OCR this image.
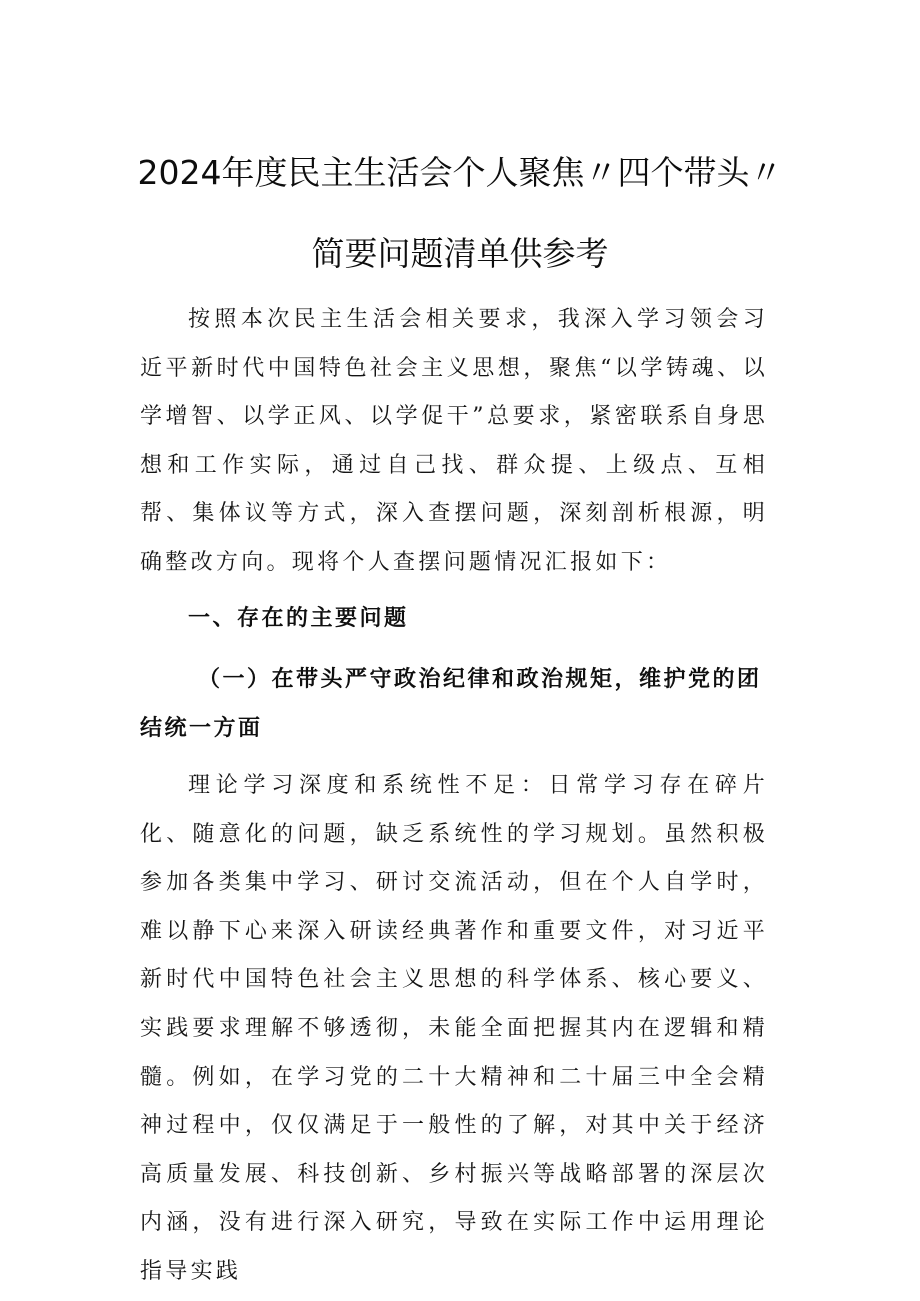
2024年度民主生活会个人聚焦〃四个带头〃
简要问题清单供参考

按照本次民主生活会相关要求，我深入学习领会习近平新时代中国特色社会主义思想，聚焦“以学铸魂、以学增智、以学正风、以学促干”总要求，紧密联系自身思想和工作实际，通过自己找、群众提、上级点、互相帮、集体议等方式，深入查摆问题，深刻剖析根源，明确整改方向。现将个人查摆问题情况汇报如下：

一、存在的主要问题

（一）在带头严守政治纪律和政治规矩，维护党的团结统一方面

理论学习深度和系统性不足：日常学习存在碎片化、随意化的问题，缺乏系统性的学习规划。虽然积极参加各类集中学习、研讨交流活动，但在个人自学时，难以静下心来深入研读经典著作和重要文件，对习近平新时代中国特色社会主义思想的科学体系、核心要义、实践要求理解不够透彻，未能全面把握其内在逻辑和精髓。例如，在学习党的二十大精神和二十届三中全会精神过程中，仅仅满足于一般性的了解，对其中关于经济高质量发展、科技创新、乡村振兴等战略部署的深层次内涵，没有进行深入研究，导致在实际工作中运用理论指导实践
